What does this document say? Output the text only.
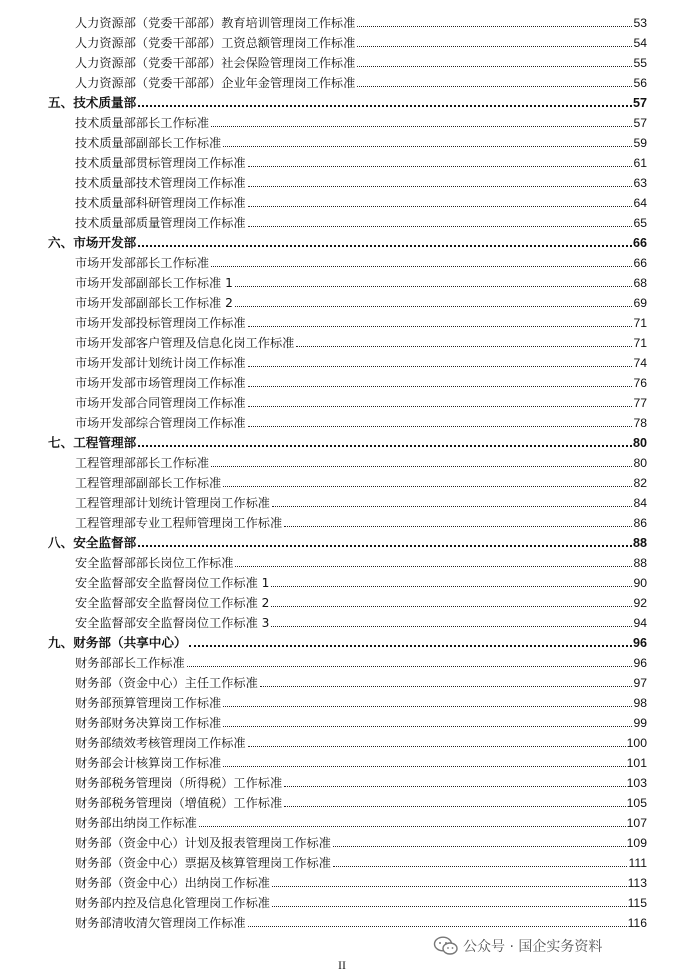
人力资源部（党委干部部）教育培训管理岗工作标准	53
人力资源部（党委干部部）工资总额管理岗工作标准	54
人力资源部（党委干部部）社会保险管理岗工作标准	55
人力资源部（党委干部部）企业年金管理岗工作标准	56
五、技术质量部	57
技术质量部部长工作标准	57
技术质量部副部长工作标准	59
技术质量部贯标管理岗工作标准	61
技术质量部技术管理岗工作标准	63
技术质量部科研管理岗工作标准	64
技术质量部质量管理岗工作标准	65
六、市场开发部	66
市场开发部部长工作标准	66
市场开发部副部长工作标准 1	68
市场开发部副部长工作标准 2	69
市场开发部投标管理岗工作标准	71
市场开发部客户管理及信息化岗工作标准	71
市场开发部计划统计岗工作标准	74
市场开发部市场管理岗工作标准	76
市场开发部合同管理岗工作标准	77
市场开发部综合管理岗工作标准	78
七、工程管理部	80
工程管理部部长工作标准	80
工程管理部副部长工作标准	82
工程管理部计划统计管理岗工作标准	84
工程管理部专业工程师管理岗工作标准	86
八、安全监督部	88
安全监督部部长岗位工作标准	88
安全监督部安全监督岗位工作标准 1	90
安全监督部安全监督岗位工作标准 2	92
安全监督部安全监督岗位工作标准 3	94
九、财务部（共享中心）	96
财务部部长工作标准	96
财务部（资金中心）主任工作标准	97
财务部预算管理岗工作标准	98
财务部财务决算岗工作标准	99
财务部绩效考核管理岗工作标准	100
财务部会计核算岗工作标准	101
财务部税务管理岗（所得税）工作标准	103
财务部税务管理岗（增值税）工作标准	105
财务部出纳岗工作标准	107
财务部（资金中心）计划及报表管理岗工作标准	109
财务部（资金中心）票据及核算管理岗工作标准	111
财务部（资金中心）出纳岗工作标准	113
财务部内控及信息化管理岗工作标准	115
财务部清收清欠管理岗工作标准	116
公众号 · 国企实务资料
II
